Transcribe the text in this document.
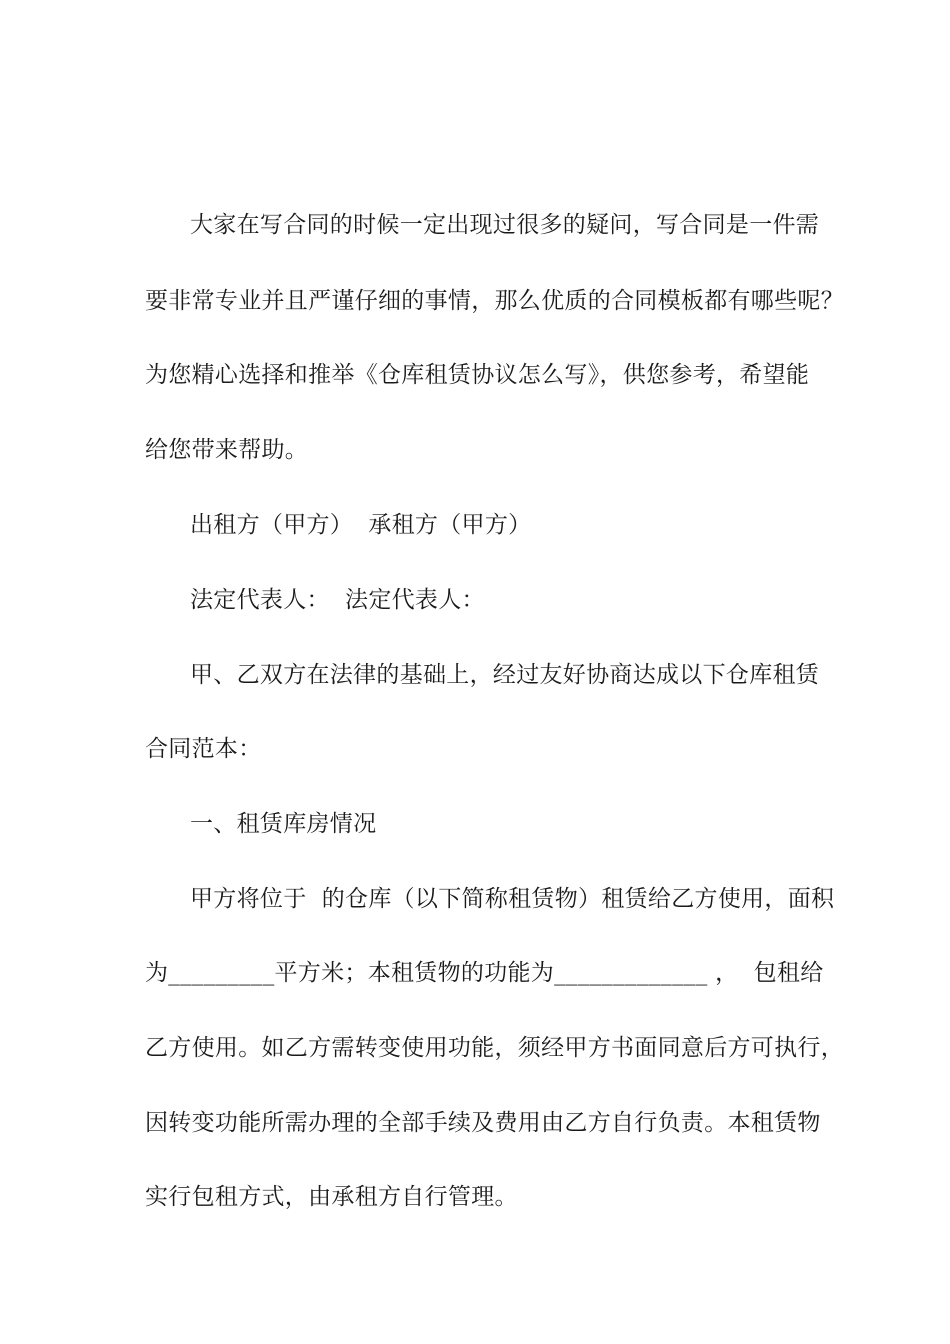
大家在写合同的时候一定出现过很多的疑问，写合同是一件需
要非常专业并且严谨仔细的事情，那么优质的合同模板都有哪些呢？
为您精心选择和推举《仓库租赁协议怎么写》，供您参考，希望能
给您带来帮助。
出租方（甲方）  承租方（甲方）
法定代表人：  法定代表人：
甲、乙双方在法律的基础上，经过友好协商达成以下仓库租赁
合同范本：
一、租赁库房情况
甲方将位于  的仓库（以下简称租赁物）租赁给乙方使用，面积
为_________平方米；本租赁物的功能为_____________ ，  包租给
乙方使用。如乙方需转变使用功能，须经甲方书面同意后方可执行，
因转变功能所需办理的全部手续及费用由乙方自行负责。本租赁物
实行包租方式，由承租方自行管理。
